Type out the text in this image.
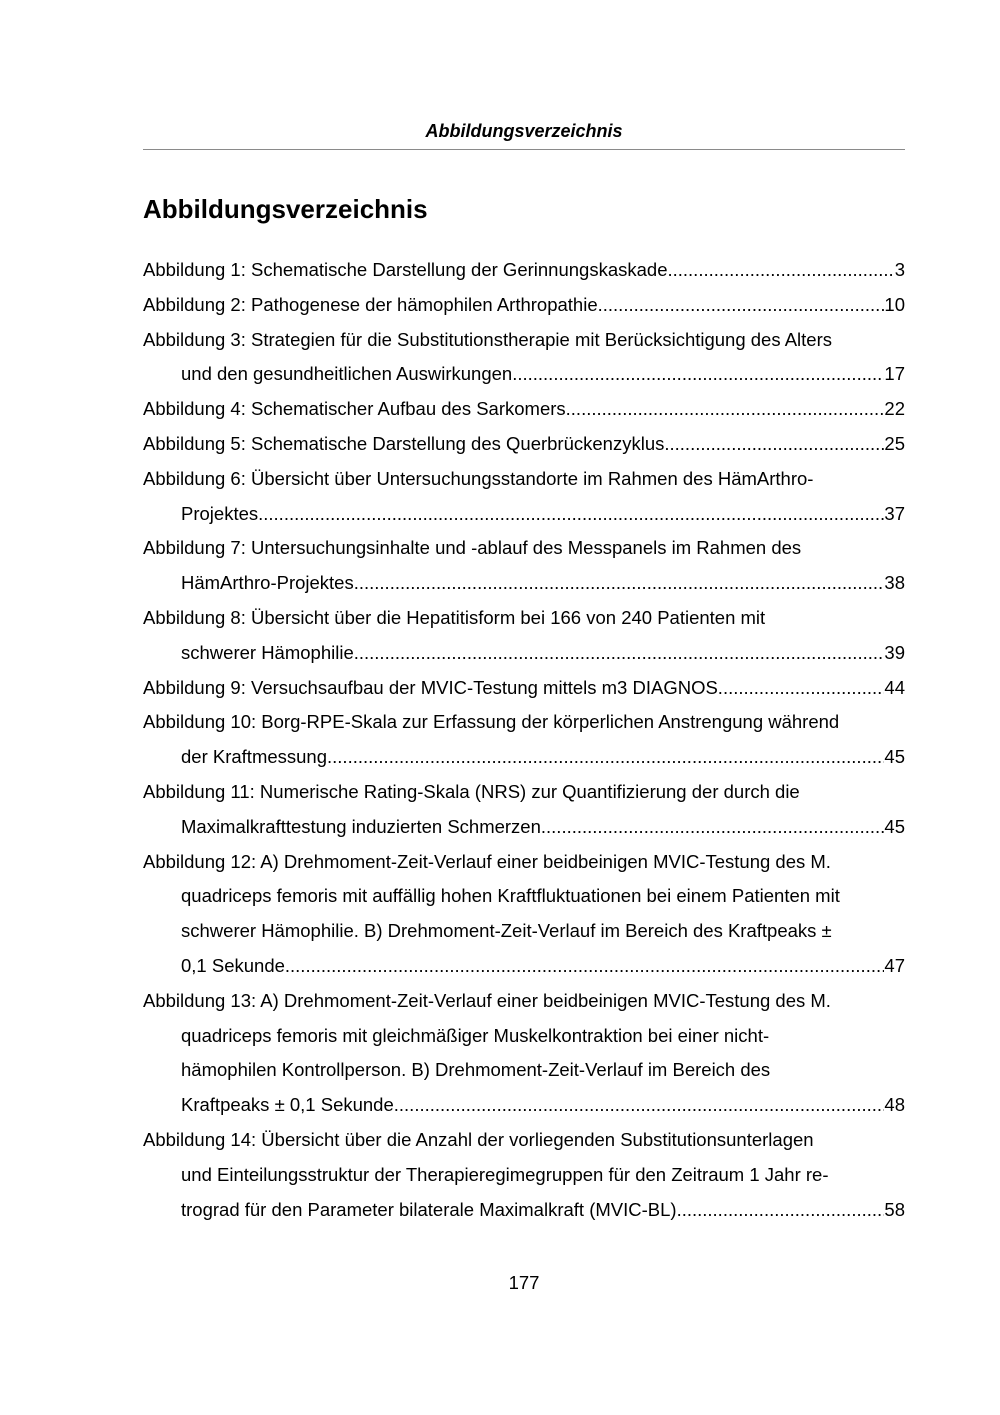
Abbildungsverzeichnis
Abbildungsverzeichnis
Abbildung 1: Schematische Darstellung der Gerinnungskaskade. .....	3
Abbildung 2: Pathogenese der hämophilen Arthropathie .....	10
Abbildung 3: Strategien für die Substitutionstherapie mit Berücksichtigung des Alters
und den gesundheitlichen Auswirkungen. .....	17
Abbildung 4: Schematischer Aufbau des Sarkomers. .....	22
Abbildung 5: Schematische Darstellung des Querbrückenzyklus. .....	25
Abbildung 6: Übersicht über Untersuchungsstandorte im Rahmen des HämArthro-
Projektes. .....	37
Abbildung 7: Untersuchungsinhalte und -ablauf des Messpanels im Rahmen des
HämArthro-Projektes. .....	38
Abbildung 8: Übersicht über die Hepatitisform bei 166 von 240 Patienten mit
schwerer Hämophilie. .....	39
Abbildung 9: Versuchsaufbau der MVIC-Testung mittels m3 DIAGNOS. .....	44
Abbildung 10: Borg-RPE-Skala zur Erfassung der körperlichen Anstrengung während
der Kraftmessung. .....	45
Abbildung 11: Numerische Rating-Skala (NRS) zur Quantifizierung der durch die
Maximalkrafttestung induzierten Schmerzen. .....	45
Abbildung 12: A) Drehmoment-Zeit-Verlauf einer beidbeinigen MVIC-Testung des M.
quadriceps femoris mit auffällig hohen Kraftfluktuationen bei einem Patienten mit
schwerer Hämophilie. B) Drehmoment-Zeit-Verlauf im Bereich des Kraftpeaks ±
0,1 Sekunde. .....	47
Abbildung 13: A) Drehmoment-Zeit-Verlauf einer beidbeinigen MVIC-Testung des M.
quadriceps femoris mit gleichmäßiger Muskelkontraktion bei einer nicht-
hämophilen Kontrollperson. B) Drehmoment-Zeit-Verlauf im Bereich des
Kraftpeaks ± 0,1 Sekunde. .....	48
Abbildung 14: Übersicht über die Anzahl der vorliegenden Substitutionsunterlagen
und Einteilungsstruktur der Therapieregimegruppen für den Zeitraum 1 Jahr re-
trograd für den Parameter bilaterale Maximalkraft (MVIC-BL) .....	58
177
